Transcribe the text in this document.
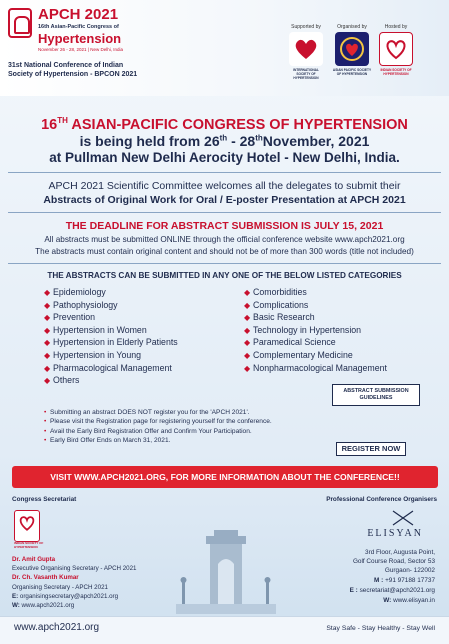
APCH 2021
16th Asian-Pacific Congress of
Hypertension
November 26 - 28, 2021 | New Delhi, India
31st National Conference of Indian
Society of Hypertension - BPCON 2021
Supported by	Organised by	Hosted by
INTERNATIONAL SOCIETY OF HYPERTENSION
ASIAN PACIFIC SOCIETY OF HYPERTENSION
INDIAN SOCIETY OF HYPERTENSION
16TH ASIAN-PACIFIC CONGRESS OF HYPERTENSION
is being held from 26th - 28thNovember, 2021
at Pullman New Delhi Aerocity Hotel - New Delhi, India.
APCH 2021 Scientific Committee welcomes all the delegates to submit their
Abstracts of Original Work for Oral / E-poster Presentation at APCH 2021
THE DEADLINE FOR ABSTRACT SUBMISSION IS JULY 15, 2021
All abstracts must be submitted ONLINE through the official conference website www.apch2021.org
The abstracts must contain original content and should not be of more than 300 words (title not included)
THE ABSTRACTS CAN BE SUBMITTED IN ANY ONE OF THE BELOW LISTED CATEGORIES
◆ Epidemiology
◆ Pathophysiology
◆ Prevention
◆ Hypertension in Women
◆ Hypertension in Elderly Patients
◆ Hypertension in Young
◆ Pharmacological Management
◆ Others
◆ Comorbidities
◆ Complications
◆ Basic Research
◆ Technology in Hypertension
◆ Paramedical Science
◆ Complementary Medicine
◆ Nonpharmacological Management
ABSTRACT SUBMISSION
GUIDELINES
• Submitting an abstract DOES NOT register you for the 'APCH 2021'.
• Please visit the Registration page for registering yourself for the conference.
• Avail the Early Bird Registration Offer and Confirm Your Participation.
• Early Bird Offer Ends on March 31, 2021.
REGISTER NOW
VISIT WWW.APCH2021.ORG, FOR MORE INFORMATION ABOUT THE CONFERENCE!!
Congress Secretariat	Professional Conference Organisers
INDIAN SOCIETY OF HYPERTENSION
Dr. Amit Gupta
Executive Organising Secretary - APCH 2021
Dr. Ch. Vasanth Kumar
Organising Secretary - APCH 2021
E: organisingsecretary@apch2021.org
W: www.apch2021.org
ELISYAN
3rd Floor, Augusta Point,
Golf Course Road, Sector 53
Gurgaon- 122002
M : +91 97188 17737
E : secretariat@apch2021.org
W: www.elisyan.in
www.apch2021.org	Stay Safe - Stay Healthy - Stay Well
